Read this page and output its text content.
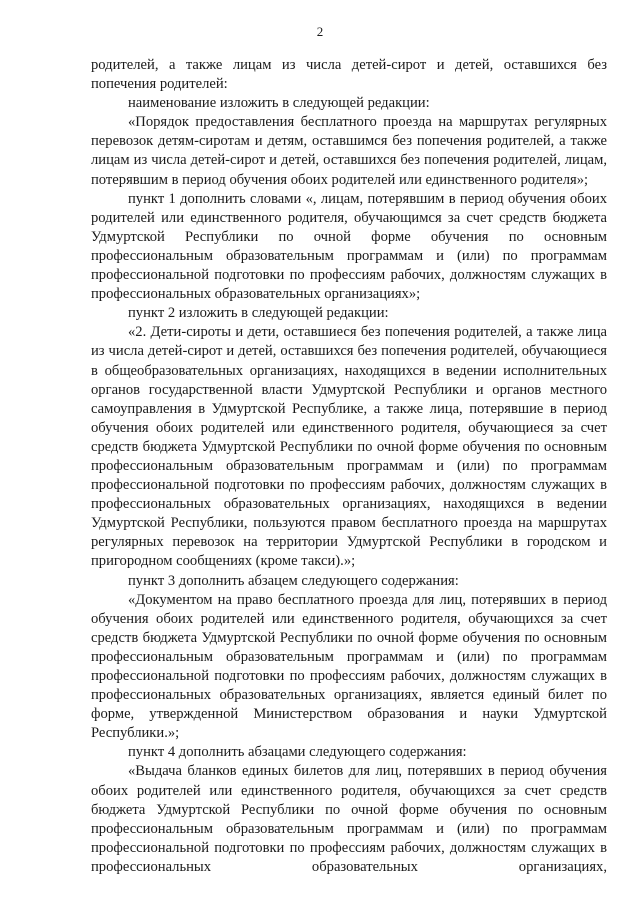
2

родителей, а также лицам из числа детей-сирот и детей, оставшихся без попечения родителей:

наименование изложить в следующей редакции:

«Порядок предоставления бесплатного проезда на маршрутах регулярных перевозок детям-сиротам и детям, оставшимся без попечения родителей, а также лицам из числа детей-сирот и детей, оставшихся без попечения родителей, лицам, потерявшим в период обучения обоих родителей или единственного родителя»;

пункт 1 дополнить словами «, лицам, потерявшим в период обучения обоих родителей или единственного родителя, обучающимся за счет средств бюджета Удмуртской Республики по очной форме обучения по основным профессиональным образовательным программам и (или) по программам профессиональной подготовки по профессиям рабочих, должностям служащих в профессиональных образовательных организациях»;

пункт 2 изложить в следующей редакции:

«2. Дети-сироты и дети, оставшиеся без попечения родителей, а также лица из числа детей-сирот и детей, оставшихся без попечения родителей, обучающиеся в общеобразовательных организациях, находящихся в ведении исполнительных органов государственной власти Удмуртской Республики и органов местного самоуправления в Удмуртской Республике, а также лица, потерявшие в период обучения обоих родителей или единственного родителя, обучающиеся за счет средств бюджета Удмуртской Республики по очной форме обучения по основным профессиональным образовательным программам и (или) по программам профессиональной подготовки по профессиям рабочих, должностям служащих в профессиональных образовательных организациях, находящихся в ведении Удмуртской Республики, пользуются правом бесплатного проезда на маршрутах регулярных перевозок на территории Удмуртской Республики в городском и пригородном сообщениях (кроме такси).»;

пункт 3 дополнить абзацем следующего содержания:

«Документом на право бесплатного проезда для лиц, потерявших в период обучения обоих родителей или единственного родителя, обучающихся за счет средств бюджета Удмуртской Республики по очной форме обучения по основным профессиональным образовательным программам и (или) по программам профессиональной подготовки по профессиям рабочих, должностям служащих в профессиональных образовательных организациях, является единый билет по форме, утвержденной Министерством образования и науки Удмуртской Республики.»;

пункт 4 дополнить абзацами следующего содержания:

«Выдача бланков единых билетов для лиц, потерявших в период обучения обоих родителей или единственного родителя, обучающихся за счет средств бюджета Удмуртской Республики по очной форме обучения по основным профессиональным образовательным программам и (или) по программам профессиональной подготовки по профессиям рабочих, должностям служащих в профессиональных образовательных организациях,
